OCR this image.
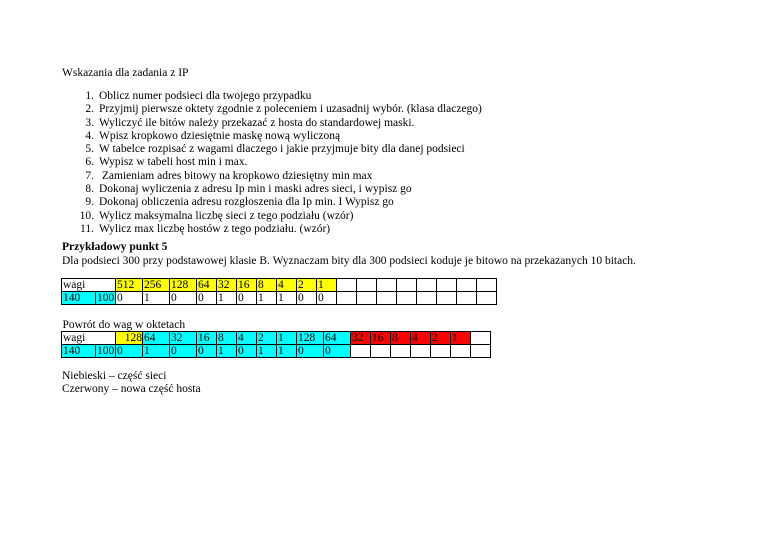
Wskazania dla zadania z IP
1. Oblicz numer podsieci dla twojego przypadku
2. Przyjmij pierwsze oktety zgodnie z poleceniem i uzasadnij wybór. (klasa dlaczego)
3. Wyliczyć ile bitów należy przekazać z hosta do standardowej maski.
4. Wpisz kropkowo dziesiętnie maskę nową wyliczoną
5. W tabelce rozpisać z wagami dlaczego i jakie przyjmuje bity dla danej podsieci
6. Wypisz w tabeli host min i max.
7. Zamieniam adres bitowy na kropkowo dziesiętny min max
8. Dokonaj wyliczenia z adresu Ip min i maski adres sieci, i wypisz go
9. Dokonaj obliczenia adresu rozgłoszenia dla Ip min. I Wypisz go
10. Wylicz maksymalna liczbę sieci z tego podziału (wzór)
11. Wylicz max liczbę hostów z tego podziału. (wzór)
Przykładowy punkt 5
Dla podsieci 300 przy podstawowej klasie B. Wyznaczam bity dla 300 podsieci koduje je bitowo na przekazanych 10 bitach.
wagi		512	256	128	64	32	16	8	4	2	1								
140	100	0	1	0	0	1	0	1	1	0	0								
Powrót do wag w oktetach																		
wagi		128	64	32	16	8	4	2	1	128	64	32	16	8	4	2	1	
140	100	0	1	0	0	1	0	1	1	0	0							
Niebieski – część sieci
Czerwony – nowa część hosta
